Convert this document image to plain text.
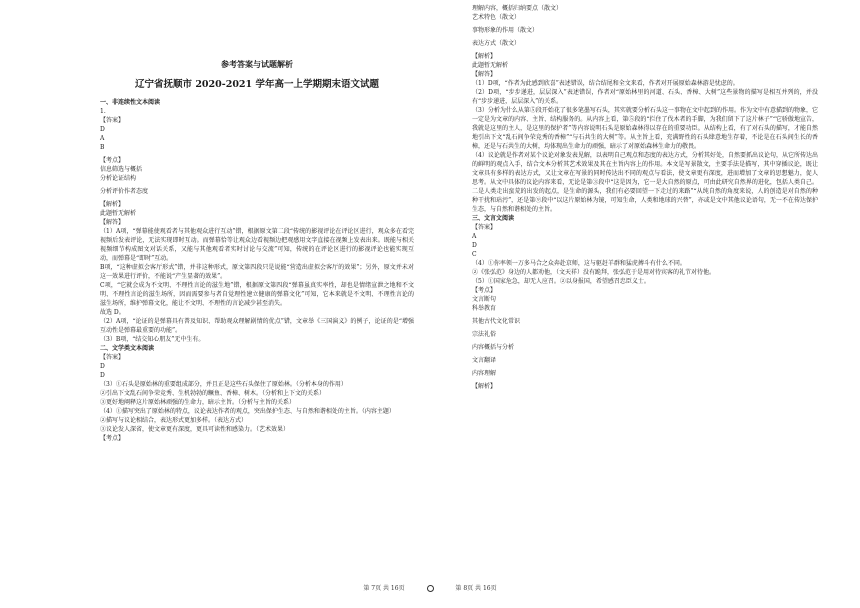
参考答案与试题解析
辽宁省抚顺市 2020-2021 学年高一上学期期末语文试题

一、非连续性文本阅读

1.

【答案】

D

A

B

【考点】

信息筛选与概括

分析论证结构

分析评价作者态度

【解析】

此题暂无解析

【解答】

（1）A项，“弹幕能使观看者与其他观众进行互动”错，根据原文第二段“传统的影视评论在评论区进行，观众多在看完视频后发表评论，无法实现即时互动。而弹幕恰等让观众边看视频边把观感用文字直接在视频上发表出来。既能与相关视频细节构成图文对话关系，又能与其他观看者实时讨论与交流”可知，传统的在评论区进行的影视评论也能实现互动，而弹幕是“即时”互动。

B项，“这种虚拟会客厅形式”错，并非这种形式，原文第四段只是说能“营造出虚拟会客厅的效果”；另外，原文并未对这一效果进行评价，不能说“产生显著的效果”。

C项，“它就会成为不文明、不理性言论的滋生地”错，根据原文第四段“弹幕虽真实率性，却也是情绪宣泄之地和不文明、不理性言论的滋生场所，因而需要参与者自觉理性建立健康的弹幕文化”可知，它本来就是不文明、不理性言论的滋生场所，维护弹幕文化，能让不文明、不理性的言论减少甚至消失。

故选 D。

（2）A项，“论证的是弹幕具有普及知识、帮助观众理解剧情的优点”错，文章举《三国演义》的例子，论证的是“增强互动性是弹幕最重要的功能”。

（3）B项，“结交知心朋友”无中生有。

二、文学类文本阅读

【答案】

D

D

（3）①石头是原始林的重要组成部分，并且正是这些石头保住了原始林。（分析本身的作用）

②引出下文乱石间争荣竞秀、生机勃勃的鳜鱼、香樟、树木。（分析和上下文的关系）

③更好地阐释这片原始林顽强的生命力，暗示主旨。（分析与主旨的关系）

（4）①描写突出了原始林的特点，议论表达作者的观点，突出保护生态、与自然和谐相处的主旨。（内容主题）

②描写与议论相结合，表达形式更加多样。（表达方式）

③议论发人深省，使文章更有深度，更具可读性和感染力。（艺术效果）

【考点】

理解内容，概括归纳要点（散文）

艺术特色（散文）

事物形象的作用（散文）

表达方式（散文）

【解析】

此题暂无解析

【解答】

（1）D项，“作者为此感到欣喜”表述错误，结合结尾和全文来看，作者对开展原始森林游是忧虑的。

（2）D项，“步步递进，层层深入”表述错误，作者对“原始林里的河道、石头、香樟、大树”这些景物的描写是相互并列的，并没有“步步递进，层层深入”的关系。

（3）分析为什么从第⑤段开始花了很多笔墨写石头，其实就要分析石头这一事物在文中起到的作用。作为文中有意描到的物象，它一定是为文章的内容、主旨、结构服务的。从内容上看，第⑤段的“拦住了伐木者的手脚，为我们留下了这片林子”“它骄傲地宣告，我就是这里的主人，是这里的保护者”等内容说明石头是原始森林得以存在的重要功臣。从结构上看，有了对石头的描写，才能自然地引出下文“乱石间争荣竞秀的香樟”“与石共生的大树”等。从主旨上看，充满野性的石头肆意地生存着，不论是在石头间生长的香樟，还是与石共生的大树，均体现出生命力的顽强，暗示了对原始森林生命力的敬畏。

（4）议论就是作者对某个议论对象发表见解，以表明自己观点和态度的表达方式，分析其好处，自然要抓出议论句，从它所传达出的鲜明的观点入手，结合文本分析其艺术效果及其在主旨内容上的作用。本文是写景散文，主要手法是描写，其中穿插议论，既让文章具有多样的表达方式，又让文章在写景的同时传达出不同的观点与看法，使文章更有深度，进而增加了文章的思想魅力，促人思考。从文中具体的议论内容来看，无论是第③段中“这是因为，它一是大自然的原点，可由此研究自然界的进化，包括人类自己。二是人类走出蛮荒的出发的起点，是生命的源头，我们有必要回望一下走过的来路”“从纯自然的角度来说，人的创造是对自然的种种干扰和玷污”，还是第⑨段中“以这片原始林为镜，可知生命，人类和地球的兴替”，亦或是文中其他议论语句，无一不在传达保护生态，与自然和谐相处的主旨。

三、文言文阅读

【答案】

A

D

C

（4）①你率领一万多马合之众奔赴京师，这与驱赶羊群和猛虎搏斗有什么不同。

②《张弘范》身边的人都劝他，（文天祥）没有跪拜，张弘范于是用对待宾客的礼节对待他。

（5）①国家危急，却无人应召。②以身报国，希望感召忠臣义士。

【考点】

文言断句

科举教育

其他古代文化常识

宗法礼俗

内容概括与分析

文言翻译

内容理解

【解析】

第 7页 共 16页	第 8页 共 16页
